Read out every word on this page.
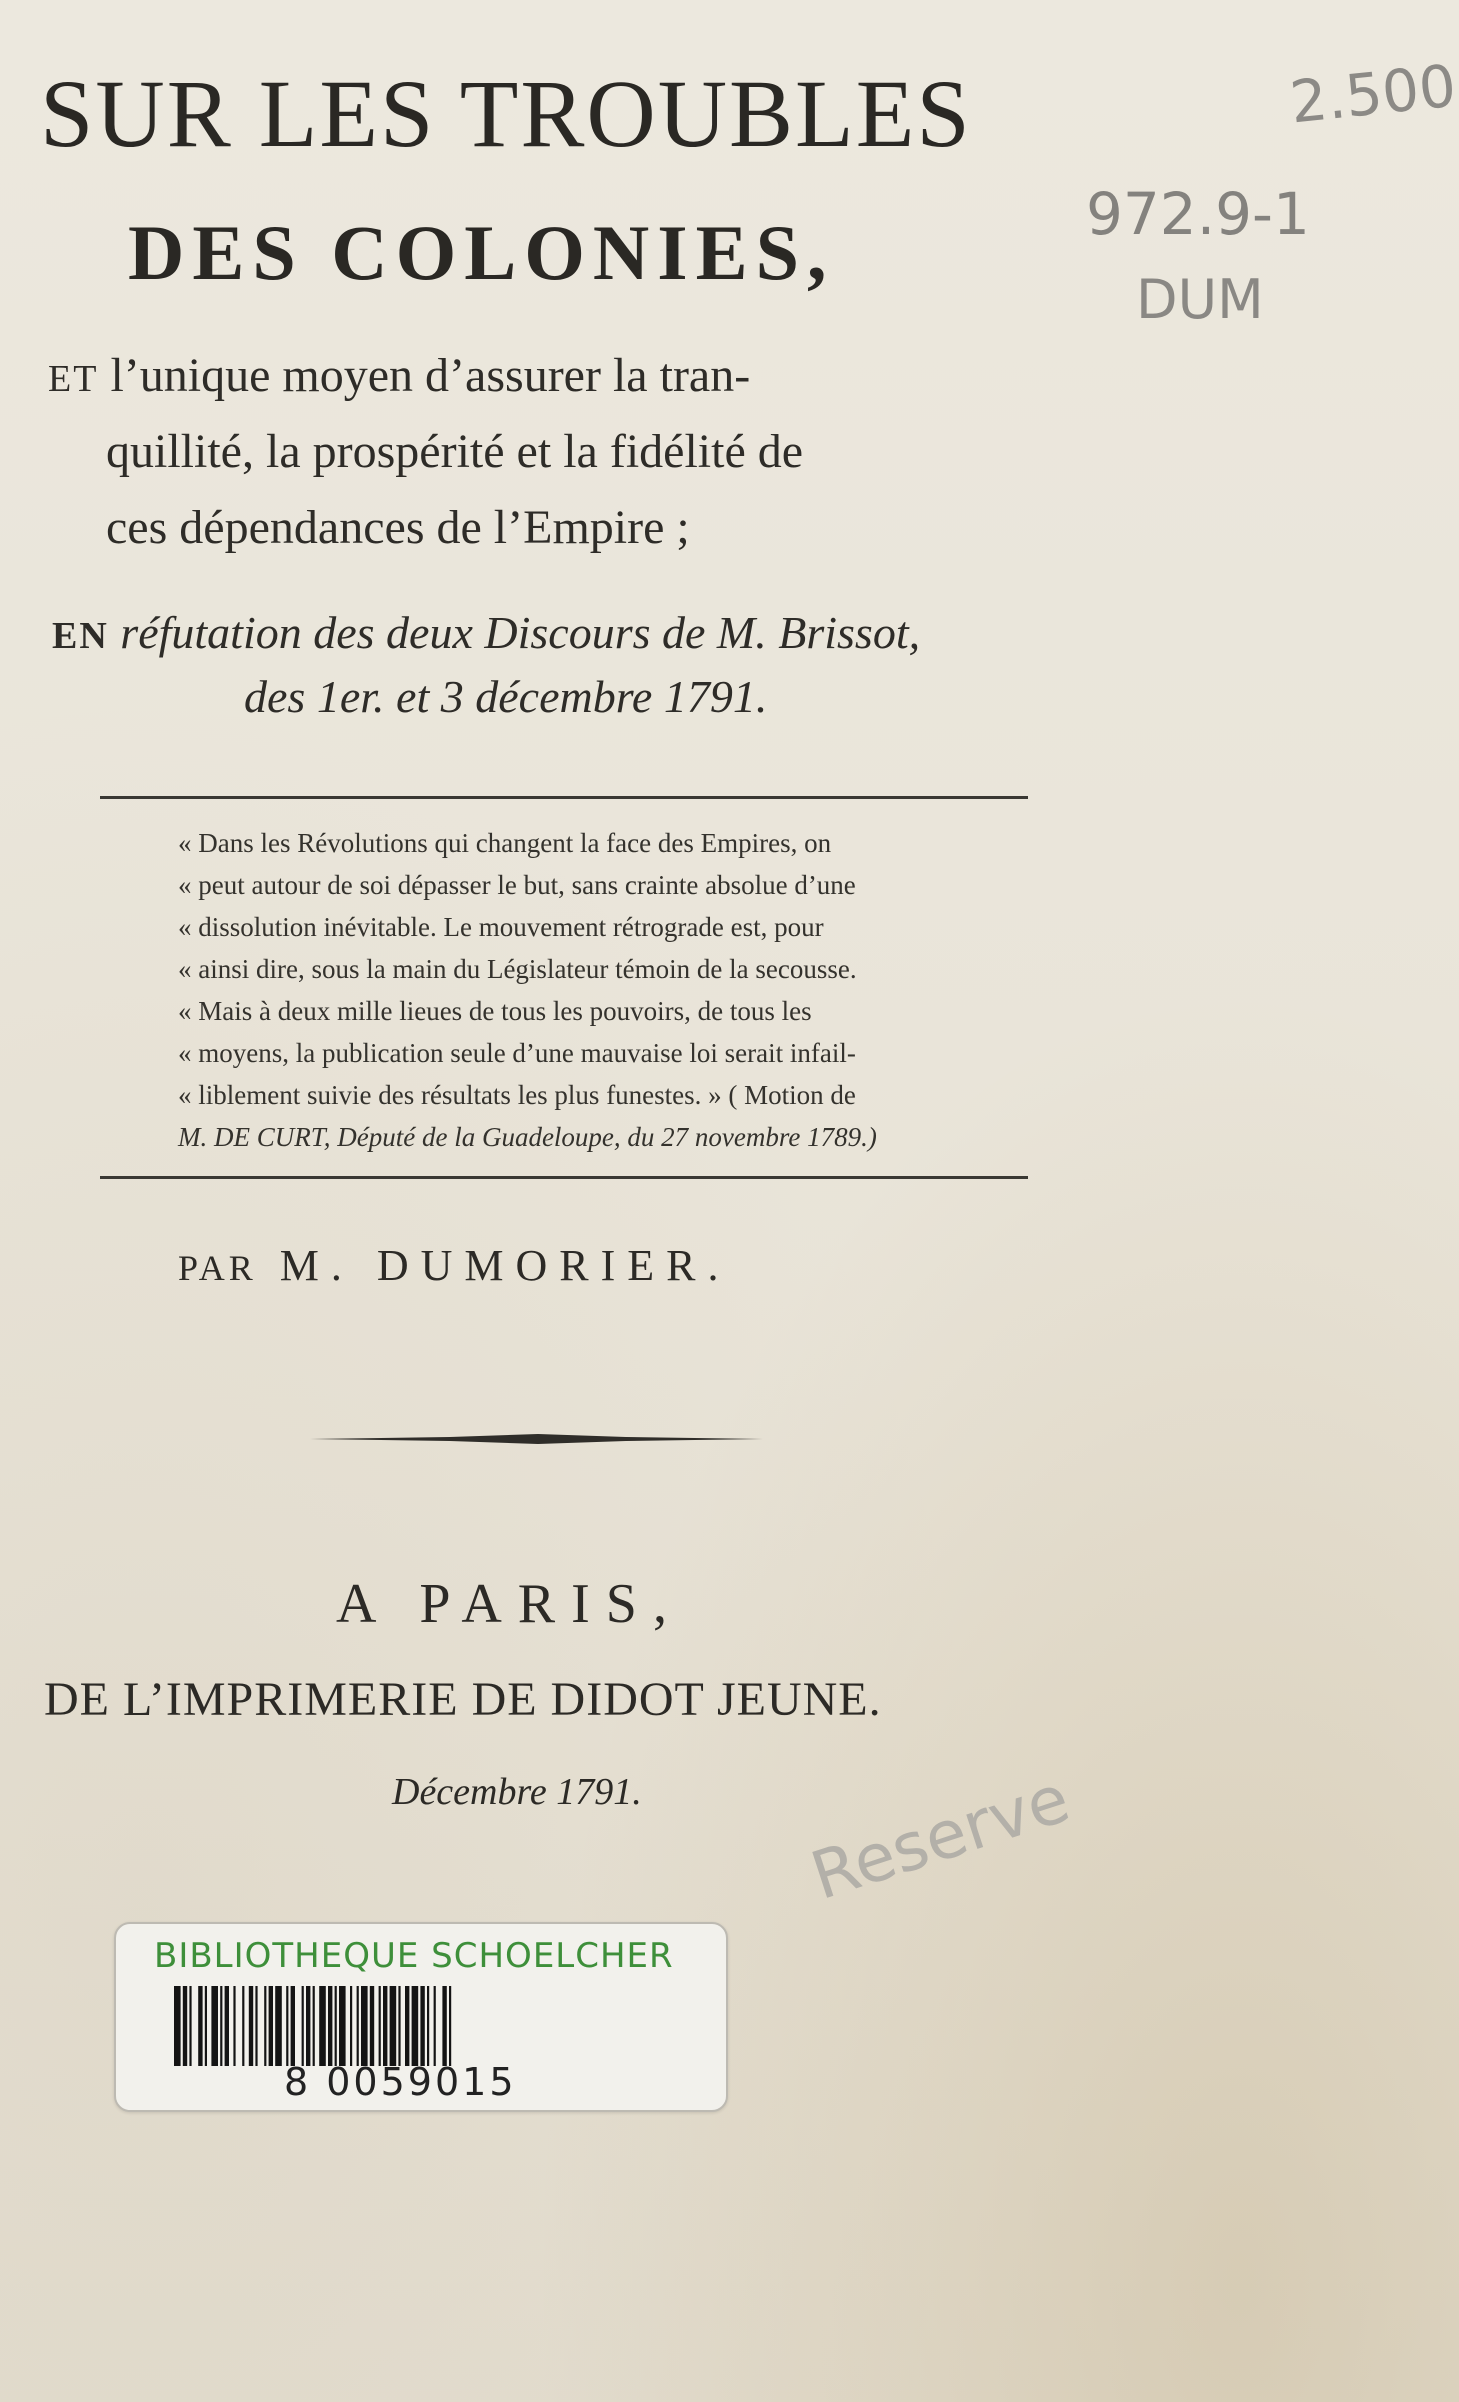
SUR LES TROUBLES
DES COLONIES,
ET l’unique moyen d’assurer la tran-
quillité, la prospérité et la fidélité de
ces dépendances de l’Empire ;
EN réfutation des deux Discours de M. Brissot,
des 1er. et 3 décembre 1791.
« Dans les Révolutions qui changent la face des Empires, on
« peut autour de soi dépasser le but, sans crainte absolue d’une
« dissolution inévitable. Le mouvement rétrograde est, pour
« ainsi dire, sous la main du Législateur témoin de la secousse.
« Mais à deux mille lieues de tous les pouvoirs, de tous les
« moyens, la publication seule d’une mauvaise loi serait infail-
« liblement suivie des résultats les plus funestes. » ( Motion de
M. DE CURT, Député de la Guadeloupe, du 27 novembre 1789.)
PAR M. DUMORIER.
A PARIS,
DE L’IMPRIMERIE DE DIDOT JEUNE.
Décembre 1791.
2.500
972.9-1
DUM
Reserve
BIBLIOTHEQUE SCHOELCHER
8 0059015
